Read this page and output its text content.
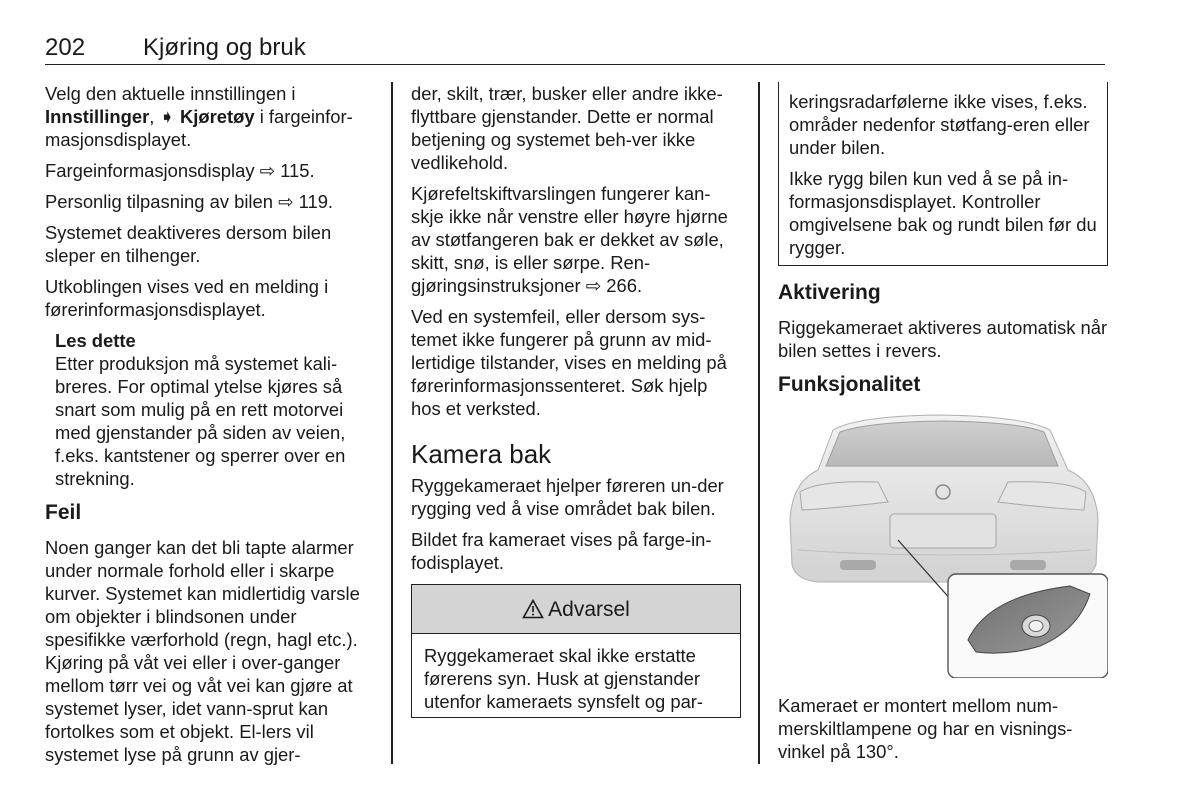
202 Kjøring og bruk

Velg den aktuelle innstillingen i Innstillinger, ➧ Kjøretøy i fargeinfor-masjonsdisplayet.

Fargeinformasjonsdisplay ⇨ 115.

Personlig tilpasning av bilen ⇨ 119.

Systemet deaktiveres dersom bilen sleper en tilhenger.

Utkoblingen vises ved en melding i førerinformasjonsdisplayet.

Les dette
Etter produksjon må systemet kali-breres. For optimal ytelse kjøres så snart som mulig på en rett motorvei med gjenstander på siden av veien, f.eks. kantstener og sperrer over en strekning.
Feil

Noen ganger kan det bli tapte alarmer under normale forhold eller i skarpe kurver. Systemet kan midlertidig varsle om objekter i blindsonen under spesifikke værforhold (regn, hagl etc.). Kjøring på våt vei eller i over-ganger mellom tørr vei og våt vei kan gjøre at systemet lyser, idet vann-sprut kan fortolkes som et objekt. El-lers vil systemet lyse på grunn av gjer-

der, skilt, trær, busker eller andre ikke-flyttbare gjenstander. Dette er normal betjening og systemet beh-ver ikke vedlikehold.

Kjørefeltskiftvarslingen fungerer kan-skje ikke når venstre eller høyre hjørne av støtfangeren bak er dekket av søle, skitt, snø, is eller sørpe. Ren-gjøringsinstruksjoner ⇨ 266.

Ved en systemfeil, eller dersom sys-temet ikke fungerer på grunn av mid-lertidige tilstander, vises en melding på førerinformasjonssenteret. Søk hjelp hos et verksted.

Kamera bak

Ryggekameraet hjelper føreren un-der rygging ved å vise området bak bilen.

Bildet fra kameraet vises på farge-in-fodisplayet.

Advarsel
Ryggekameraet skal ikke erstatte førerens syn. Husk at gjenstander utenfor kameraets synsfelt og par-

keringsradarfølerne ikke vises, f.eks. områder nedenfor støtfang-eren eller under bilen.

Ikke rygg bilen kun ved å se på in-formasjonsdisplayet. Kontroller omgivelsene bak og rundt bilen før du rygger.

Aktivering

Riggekameraet aktiveres automatisk når bilen settes i revers.

Funksjonalitet

Kameraet er montert mellom num-merskiltlampene og har en visnings-vinkel på 130°.
